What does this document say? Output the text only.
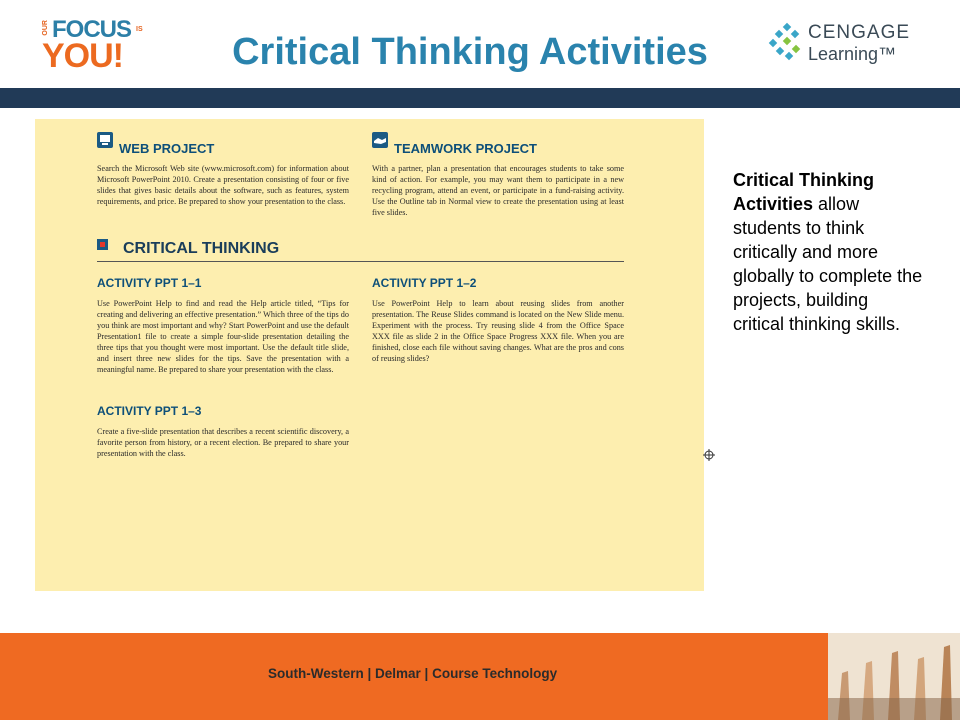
OUR FOCUS IS
YOU!	Critical Thinking Activities	CENGAGE
Learning™
WEB PROJECT
Search the Microsoft Web site (www.microsoft.com) for information about Microsoft PowerPoint 2010. Create a presentation consisting of four or five slides that gives basic details about the software, such as features, system requirements, and price. Be prepared to show your presentation to the class.
TEAMWORK PROJECT
With a partner, plan a presentation that encourages students to take some kind of action. For example, you may want them to participate in a new recycling program, attend an event, or participate in a fund-raising activity. Use the Outline tab in Normal view to create the presentation using at least five slides.
CRITICAL THINKING
ACTIVITY PPT 1–1
Use PowerPoint Help to find and read the Help article titled, “Tips for creating and delivering an effective presentation.” Which three of the tips do you think are most important and why? Start PowerPoint and use the default Presentation1 file to create a simple four-slide presentation detailing the three tips that you thought were most important. Use the default title slide, and insert three new slides for the tips. Save the presentation with a meaningful name. Be prepared to share your presentation with the class.
ACTIVITY PPT 1–2
Use PowerPoint Help to learn about reusing slides from another presentation. The Reuse Slides command is located on the New Slide menu. Experiment with the process. Try reusing slide 4 from the Office Space XXX file as slide 2 in the Office Space Progress XXX file. When you are finished, close each file without saving changes. What are the pros and cons of reusing slides?
ACTIVITY PPT 1–3
Create a five-slide presentation that describes a recent scientific discovery, a favorite person from history, or a recent election. Be prepared to share your presentation with the class.
Critical Thinking Activities allow students to think critically and more globally to complete the projects, building critical thinking skills.
South-Western | Delmar | Course Technology
